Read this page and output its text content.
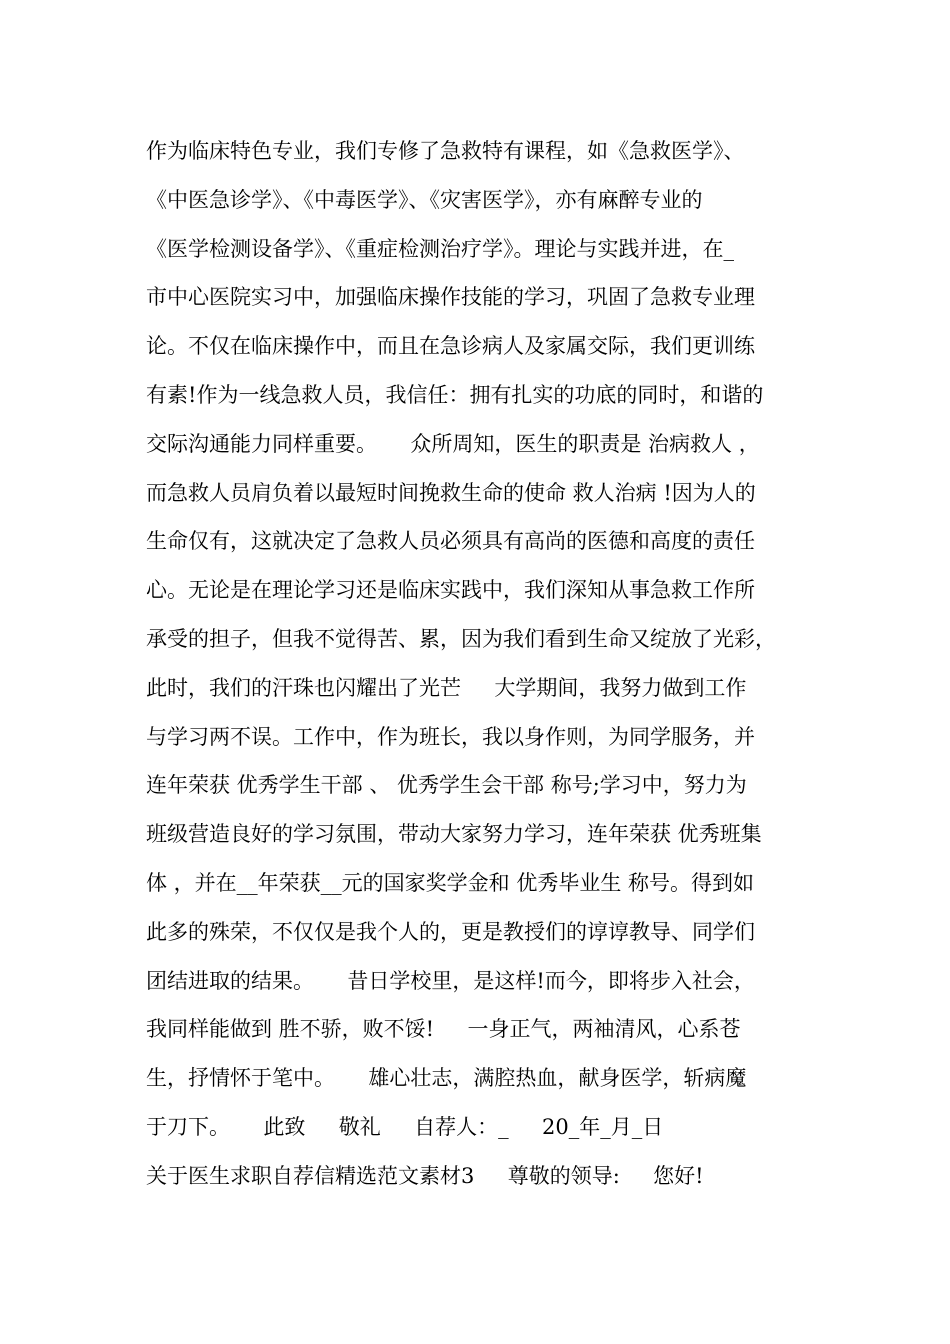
作为临床特色专业，我们专修了急救特有课程，如《急救医学》、
《中医急诊学》、《中毒医学》、《灾害医学》，亦有麻醉专业的
《医学检测设备学》、《重症检测治疗学》。理论与实践并进，在_
市中心医院实习中，加强临床操作技能的学习，巩固了急救专业理
论。不仅在临床操作中，而且在急诊病人及家属交际，我们更训练
有素!作为一线急救人员，我信任：拥有扎实的功底的同时，和谐的
交际沟通能力同样重要。     众所周知，医生的职责是 治病救人 ，
而急救人员肩负着以最短时间挽救生命的使命 救人治病 !因为人的
生命仅有，这就决定了急救人员必须具有高尚的医德和高度的责任
心。无论是在理论学习还是临床实践中，我们深知从事急救工作所
承受的担子，但我不觉得苦、累，因为我们看到生命又绽放了光彩，
此时，我们的汗珠也闪耀出了光芒     大学期间，我努力做到工作
与学习两不误。工作中，作为班长，我以身作则，为同学服务，并
连年荣获 优秀学生干部 、 优秀学生会干部 称号;学习中，努力为
班级营造良好的学习氛围，带动大家努力学习，连年荣获 优秀班集
体 ，并在__年荣获__元的国家奖学金和 优秀毕业生 称号。得到如
此多的殊荣，不仅仅是我个人的，更是教授们的谆谆教导、同学们
团结进取的结果。     昔日学校里，是这样!而今，即将步入社会，
我同样能做到 胜不骄，败不馁!     一身正气，两袖清风，心系苍
生，抒情怀于笔中。     雄心壮志，满腔热血，献身医学，斩病魔
于刀下。     此致     敬礼     自荐人：_     20_年_月_日
关于医生求职自荐信精选范文素材3     尊敬的领导:     您好!
